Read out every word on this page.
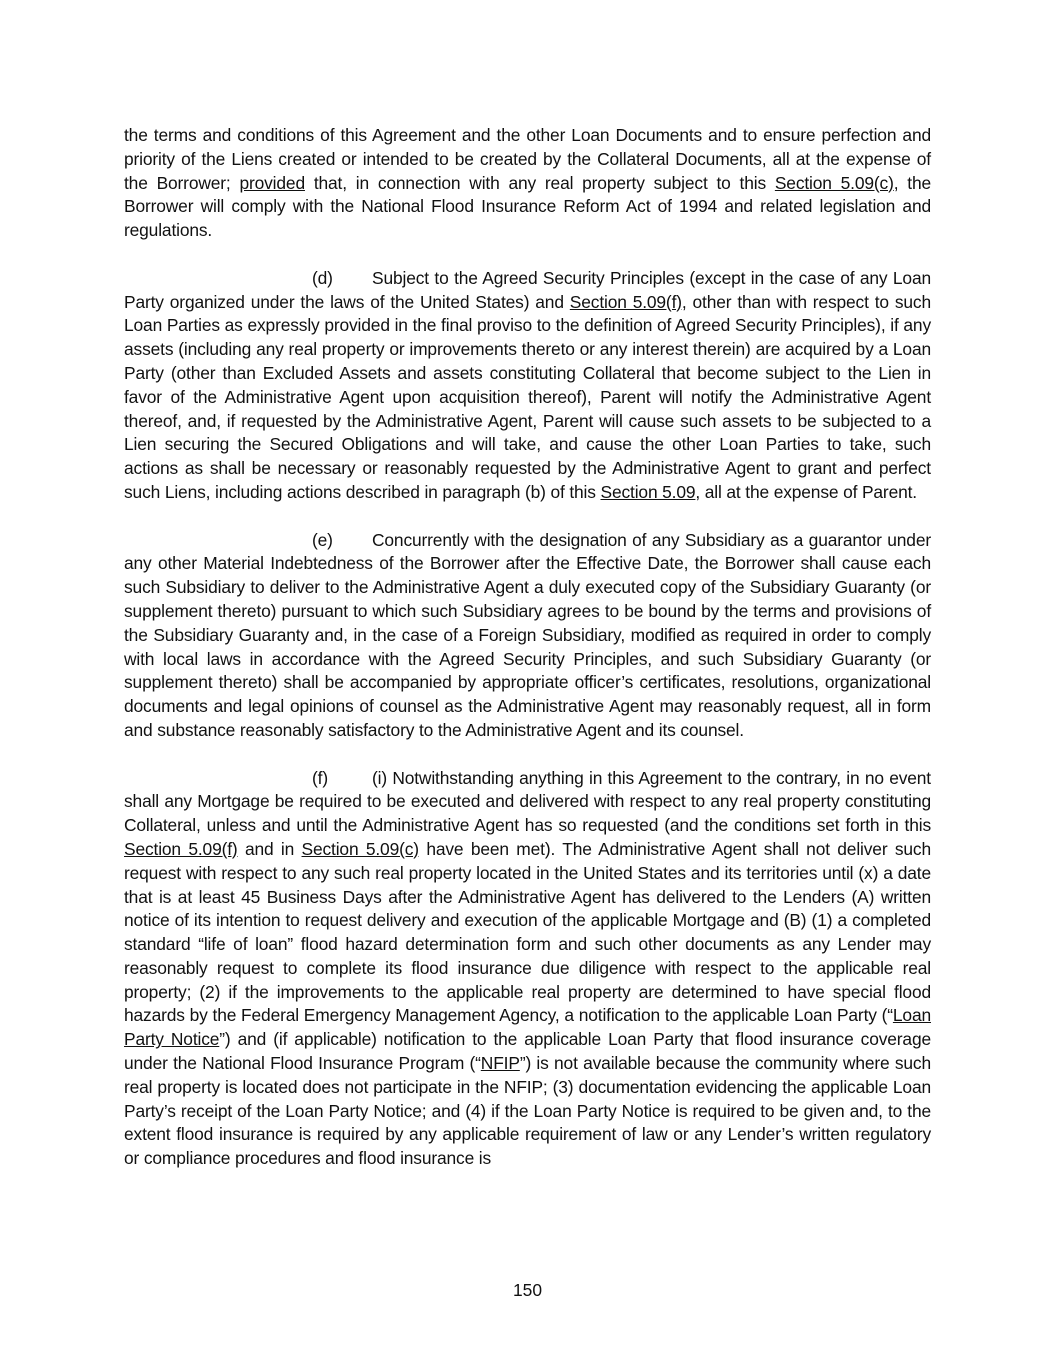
the terms and conditions of this Agreement and the other Loan Documents and to ensure perfection and priority of the Liens created or intended to be created by the Collateral Documents, all at the expense of the Borrower; provided that, in connection with any real property subject to this Section 5.09(c), the Borrower will comply with the National Flood Insurance Reform Act of 1994 and related legislation and regulations.

(d) Subject to the Agreed Security Principles (except in the case of any Loan Party organized under the laws of the United States) and Section 5.09(f), other than with respect to such Loan Parties as expressly provided in the final proviso to the definition of Agreed Security Principles), if any assets (including any real property or improvements thereto or any interest therein) are acquired by a Loan Party (other than Excluded Assets and assets constituting Collateral that become subject to the Lien in favor of the Administrative Agent upon acquisition thereof), Parent will notify the Administrative Agent thereof, and, if requested by the Administrative Agent, Parent will cause such assets to be subjected to a Lien securing the Secured Obligations and will take, and cause the other Loan Parties to take, such actions as shall be necessary or reasonably requested by the Administrative Agent to grant and perfect such Liens, including actions described in paragraph (b) of this Section 5.09, all at the expense of Parent.

(e) Concurrently with the designation of any Subsidiary as a guarantor under any other Material Indebtedness of the Borrower after the Effective Date, the Borrower shall cause each such Subsidiary to deliver to the Administrative Agent a duly executed copy of the Subsidiary Guaranty (or supplement thereto) pursuant to which such Subsidiary agrees to be bound by the terms and provisions of the Subsidiary Guaranty and, in the case of a Foreign Subsidiary, modified as required in order to comply with local laws in accordance with the Agreed Security Principles, and such Subsidiary Guaranty (or supplement thereto) shall be accompanied by appropriate officer’s certificates, resolutions, organizational documents and legal opinions of counsel as the Administrative Agent may reasonably request, all in form and substance reasonably satisfactory to the Administrative Agent and its counsel.

(f)	(i) Notwithstanding anything in this Agreement to the contrary, in no event shall any Mortgage be required to be executed and delivered with respect to any real property constituting Collateral, unless and until the Administrative Agent has so requested (and the conditions set forth in this Section 5.09(f) and in Section 5.09(c) have been met). The Administrative Agent shall not deliver such request with respect to any such real property located in the United States and its territories until (x) a date that is at least 45 Business Days after the Administrative Agent has delivered to the Lenders (A) written notice of its intention to request delivery and execution of the applicable Mortgage and (B) (1) a completed standard “life of loan” flood hazard determination form and such other documents as any Lender may reasonably request to complete its flood insurance due diligence with respect to the applicable real property; (2) if the improvements to the applicable real property are determined to have special flood hazards by the Federal Emergency Management Agency, a notification to the applicable Loan Party (“Loan Party Notice”) and (if applicable) notification to the applicable Loan Party that flood insurance coverage under the National Flood Insurance Program (“NFIP”) is not available because the community where such real property is located does not participate in the NFIP; (3) documentation evidencing the applicable Loan Party’s receipt of the Loan Party Notice; and (4) if the Loan Party Notice is required to be given and, to the extent flood insurance is required by any applicable requirement of law or any Lender’s written regulatory or compliance procedures and flood insurance is

150
